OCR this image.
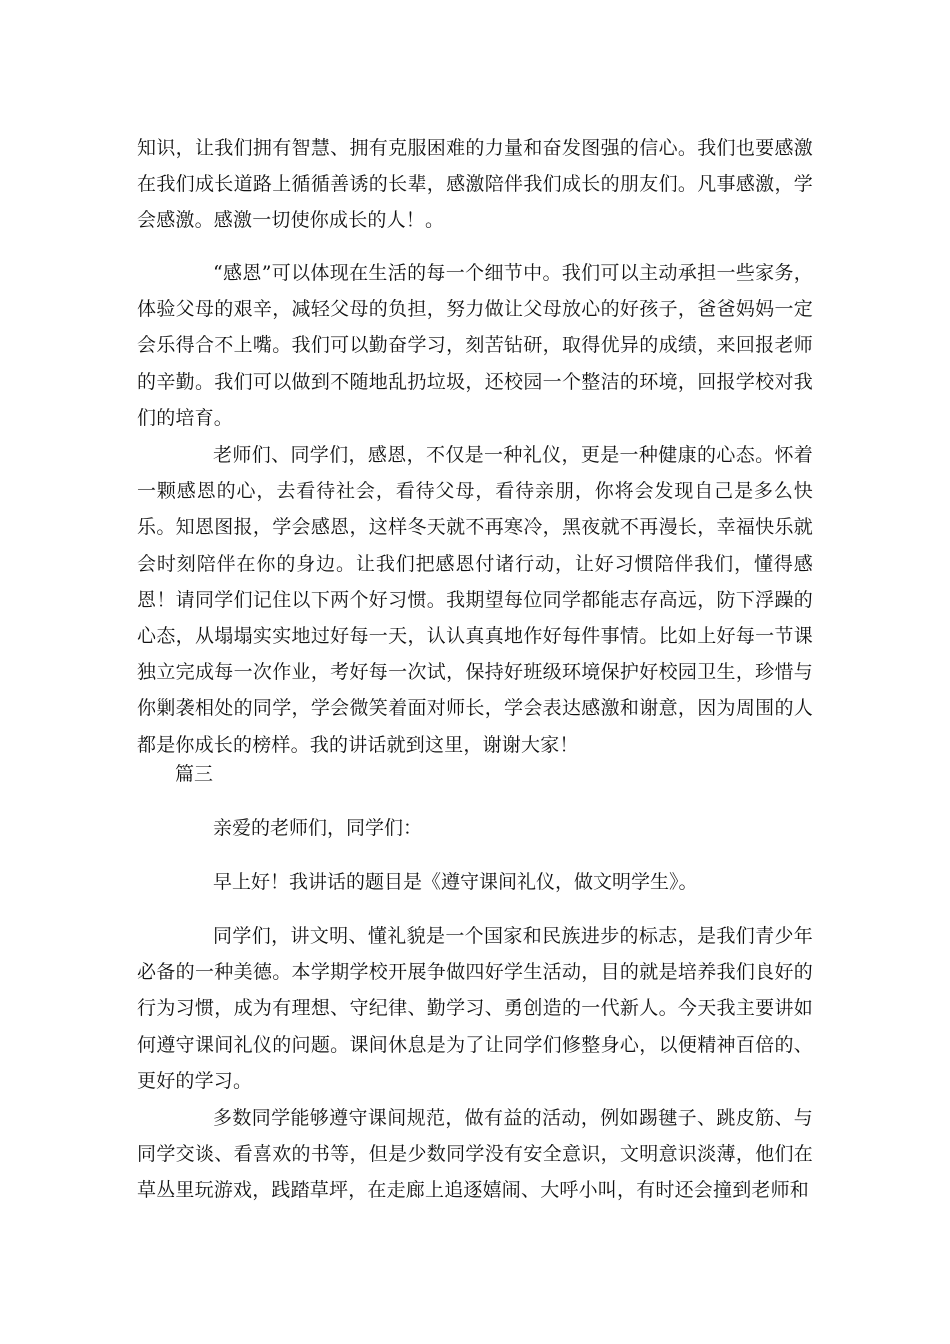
知识，让我们拥有智慧、拥有克服困难的力量和奋发图强的信心。我们也要感激在我们成长道路上循循善诱的长辈，感激陪伴我们成长的朋友们。凡事感激，学会感激。感激一切使你成长的人！。

“感恩”可以体现在生活的每一个细节中。我们可以主动承担一些家务，体验父母的艰辛，减轻父母的负担，努力做让父母放心的好孩子，爸爸妈妈一定会乐得合不上嘴。我们可以勤奋学习，刻苦钻研，取得优异的成绩，来回报老师的辛勤。我们可以做到不随地乱扔垃圾，还校园一个整洁的环境，回报学校对我们的培育。

老师们、同学们，感恩，不仅是一种礼仪，更是一种健康的心态。怀着一颗感恩的心，去看待社会，看待父母，看待亲朋，你将会发现自己是多么快乐。知恩图报，学会感恩，这样冬天就不再寒冷，黑夜就不再漫长，幸福快乐就会时刻陪伴在你的身边。让我们把感恩付诸行动，让好习惯陪伴我们，懂得感恩！请同学们记住以下两个好习惯。我期望每位同学都能志存高远，防下浮躁的心态，从塌塌实实地过好每一天，认认真真地作好每件事情。比如上好每一节课独立完成每一次作业，考好每一次试，保持好班级环境保护好校园卫生，珍惜与你剿袭相处的同学，学会微笑着面对师长，学会表达感激和谢意，因为周围的人都是你成长的榜样。我的讲话就到这里，谢谢大家！

篇三

亲爱的老师们，同学们：

早上好！我讲话的题目是《遵守课间礼仪，做文明学生》。

同学们，讲文明、懂礼貌是一个国家和民族进步的标志，是我们青少年必备的一种美德。本学期学校开展争做四好学生活动，目的就是培养我们良好的行为习惯，成为有理想、守纪律、勤学习、勇创造的一代新人。今天我主要讲如何遵守课间礼仪的问题。课间休息是为了让同学们修整身心，以便精神百倍的、更好的学习。

多数同学能够遵守课间规范，做有益的活动，例如踢毽子、跳皮筋、与同学交谈、看喜欢的书等，但是少数同学没有安全意识，文明意识淡薄，他们在草丛里玩游戏，践踏草坪，在走廊上追逐嬉闹、大呼小叫，有时还会撞到老师和
